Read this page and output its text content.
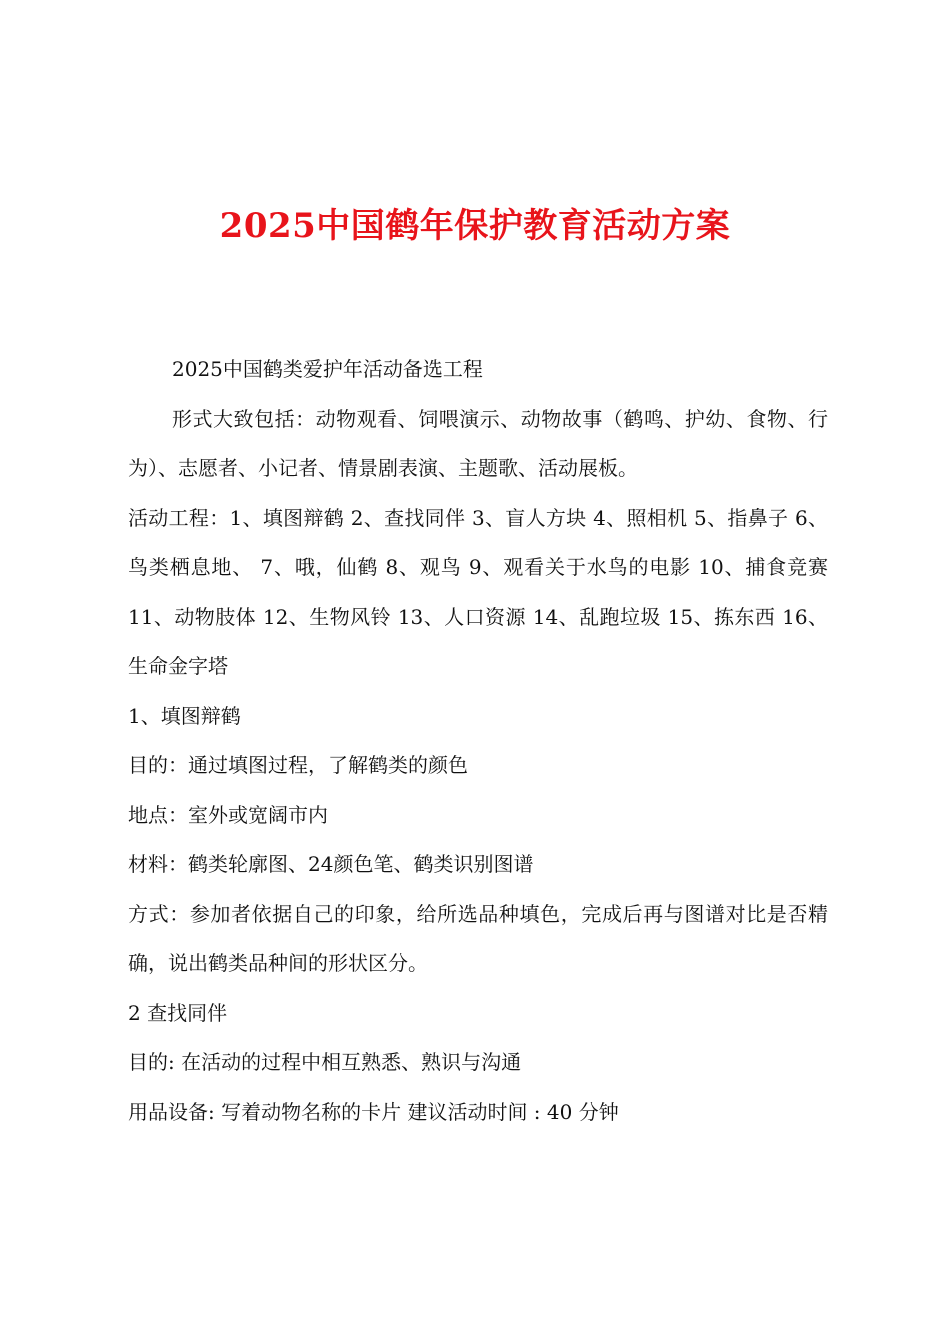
2025中国鹤年保护教育活动方案

2025中国鹤类爱护年活动备选工程

形式大致包括：动物观看、饲喂演示、动物故事（鹤鸣、护幼、食物、行为）、志愿者、小记者、情景剧表演、主题歌、活动展板。

活动工程：1、填图辩鹤 2、查找同伴 3、盲人方块 4、照相机 5、指鼻子 6、鸟类栖息地、 7、哦，仙鹤 8、观鸟 9、观看关于水鸟的电影 10、捕食竞赛 11、动物肢体 12、生物风铃 13、人口资源 14、乱跑垃圾 15、拣东西 16、生命金字塔

1、填图辩鹤

目的：通过填图过程，了解鹤类的颜色

地点：室外或宽阔市内

材料：鹤类轮廓图、24颜色笔、鹤类识别图谱

方式：参加者依据自己的印象，给所选品种填色，完成后再与图谱对比是否精确，说出鹤类品种间的形状区分。

2 查找同伴

目的: 在活动的过程中相互熟悉、熟识与沟通

用品设备: 写着动物名称的卡片 建议活动时间 : 40 分钟
